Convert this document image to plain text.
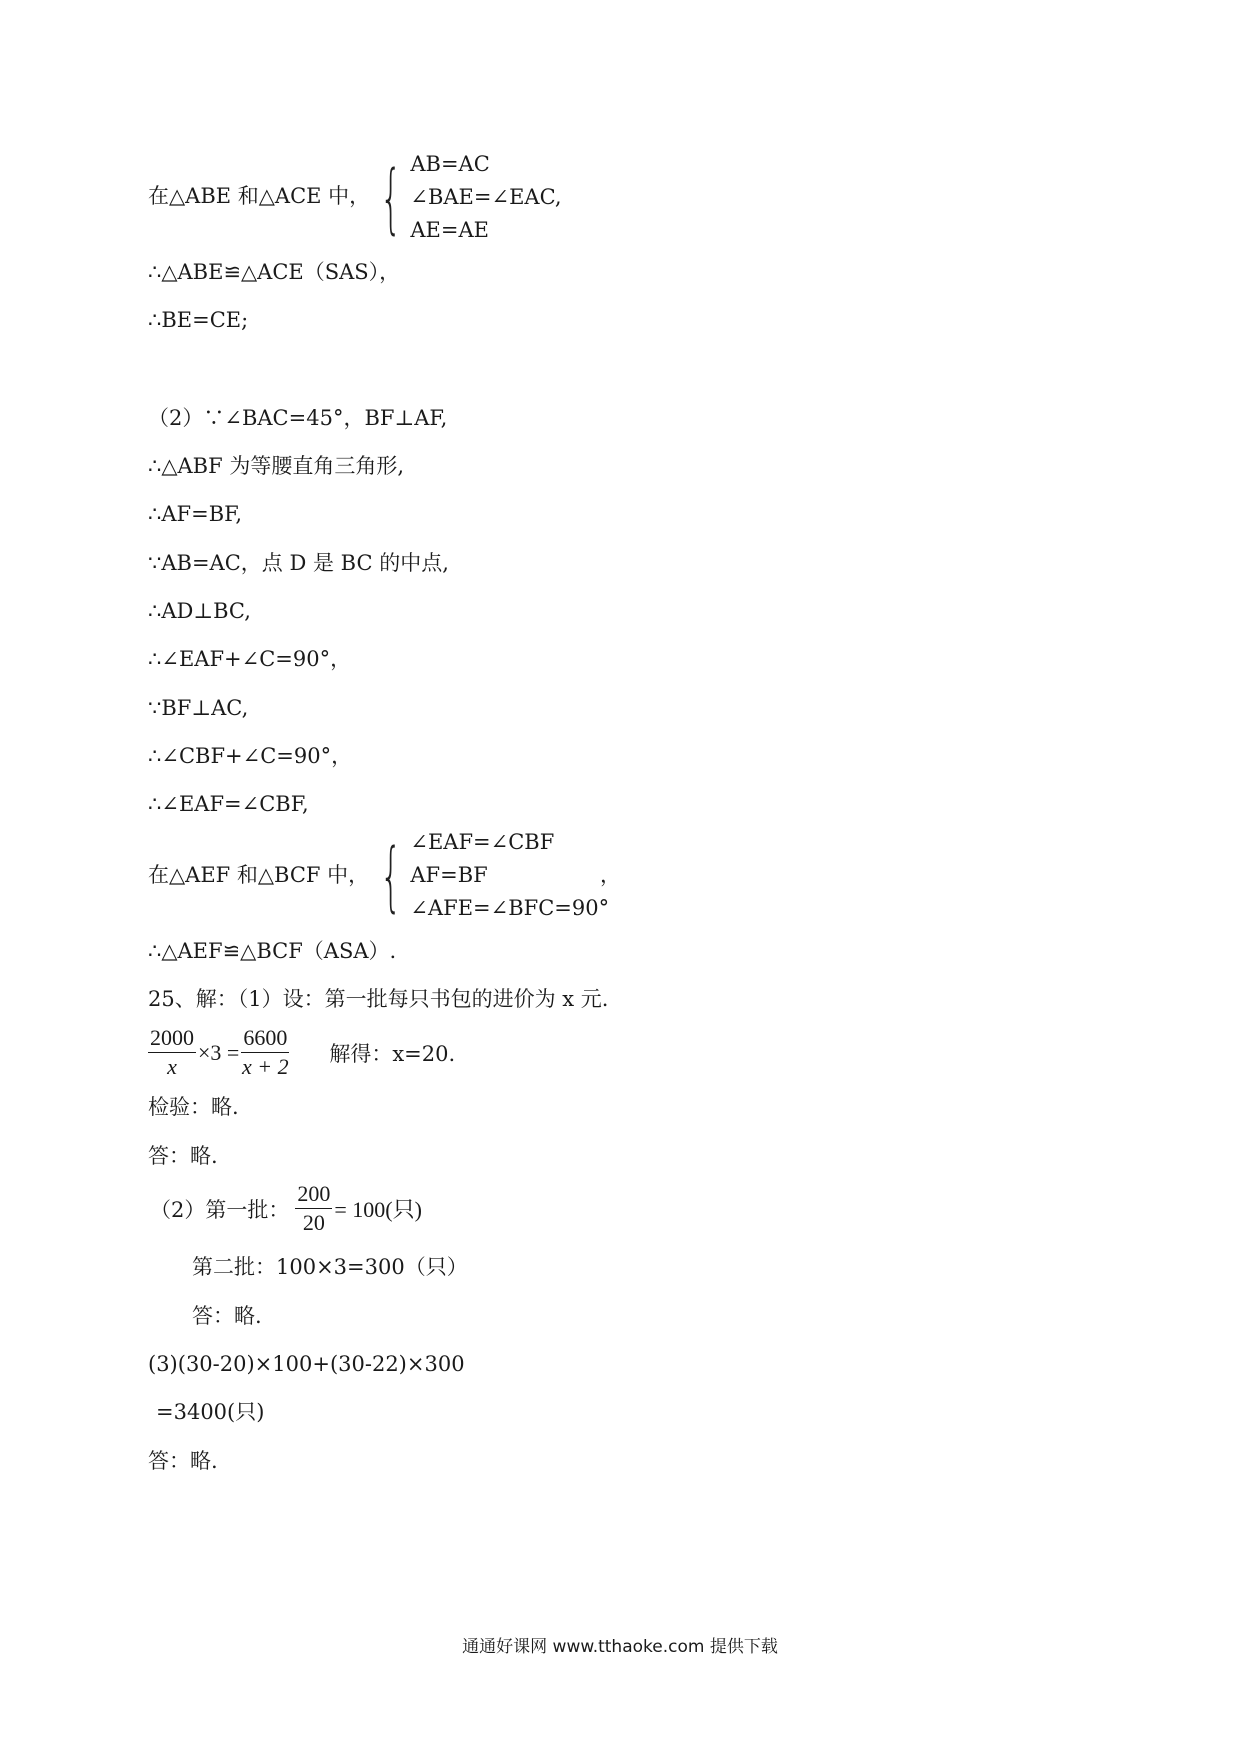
在△ABE 和△ACE 中， { AB=AC
∠BAE=∠EAC,
AE=AE
∴△ABE≌△ACE（SAS），
∴BE=CE;
（2）∵∠BAC=45°，BF⊥AF,
∴△ABF 为等腰直角三角形,
∴AF=BF,
∵AB=AC，点 D 是 BC 的中点,
∴AD⊥BC,
∴∠EAF+∠C=90°，
∵BF⊥AC,
∴∠CBF+∠C=90°，
∴∠EAF=∠CBF,
在△AEF 和△BCF 中， { ∠EAF=∠CBF
AF=BF
∠AFE=∠BFC=90°
，
∴△AEF≌△BCF（ASA）.
25、解：（1）设：第一批每只书包的进价为 x 元.
$\frac{2000}{x} \times 3 = \frac{6600}{x + 2}$ 解得：x=20.
检验：略.
答：略.
（2）第一批： $\frac{200}{20} = 100$(只)
第二批：100×3=300（只）
答：略.
(3)(30-20)×100+(30-22)×300
=3400(只)
答：略.
通通好课网 www.tthaoke.com 提供下载
